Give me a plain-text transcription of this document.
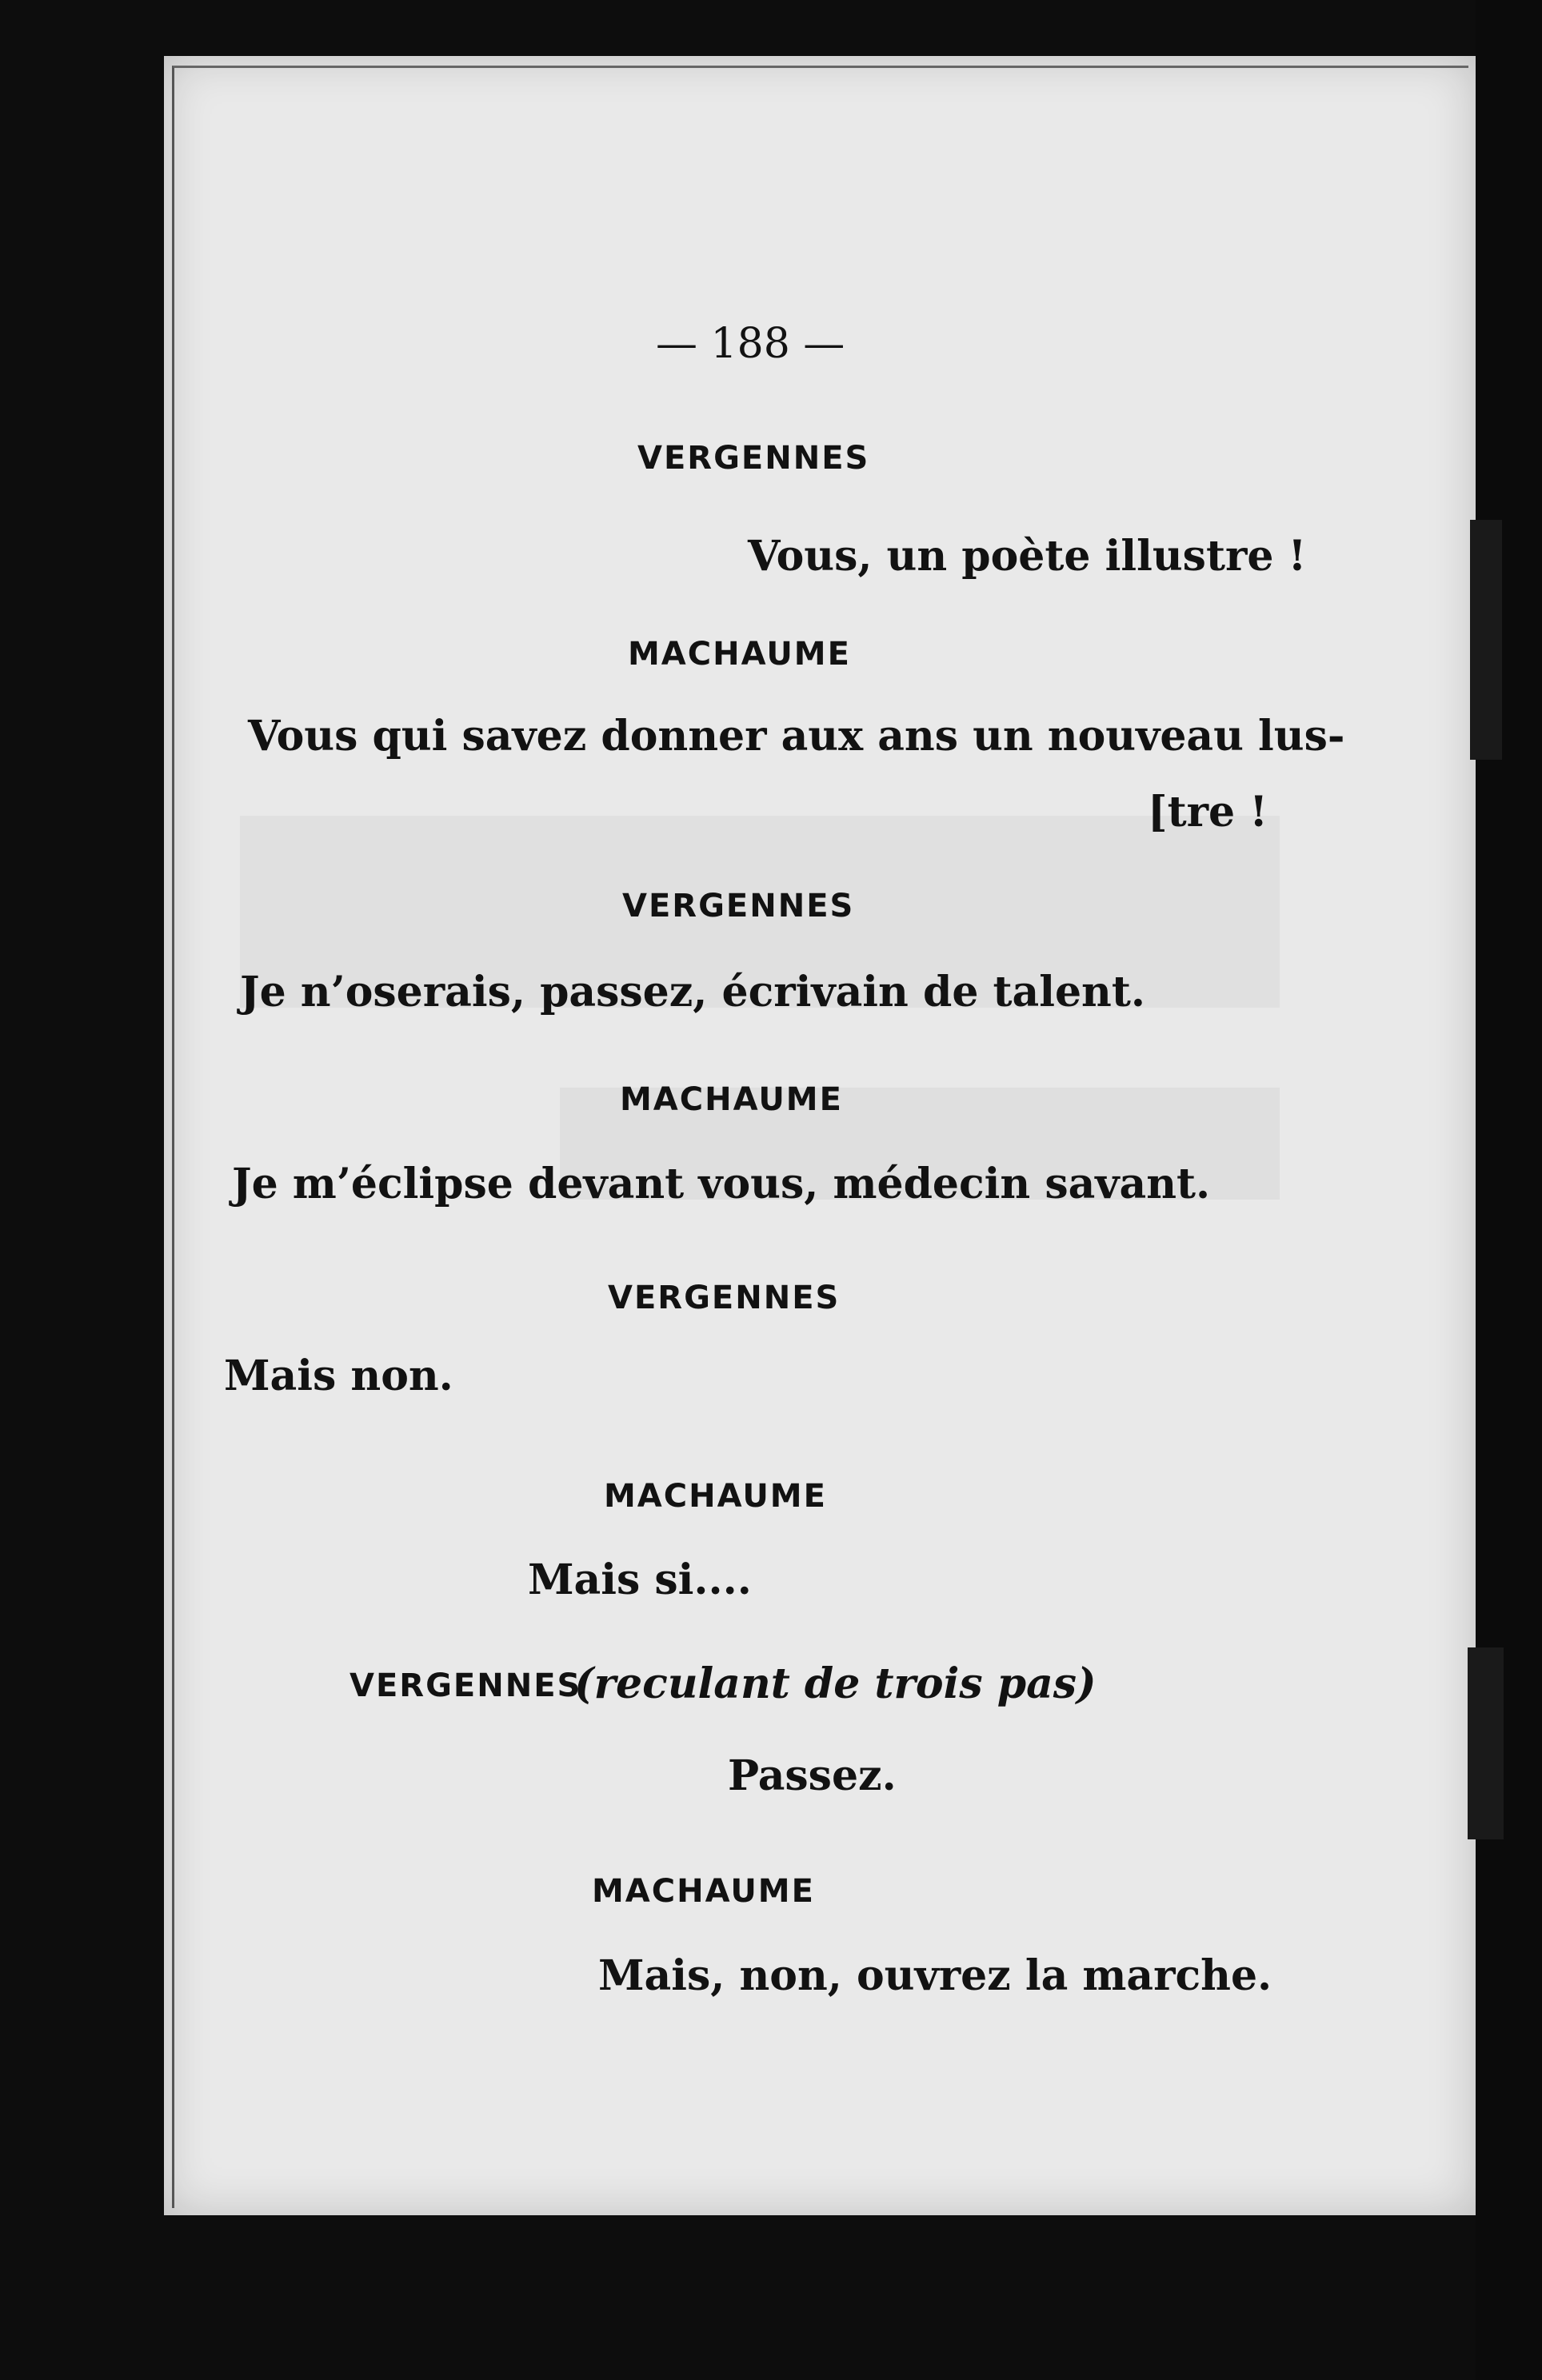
— 188 —
VERGENNES
Vous, un poète illustre !
MACHAUME
Vous qui savez donner aux ans un nouveau lus-
[tre !
VERGENNES
Je n’oserais, passez, écrivain de talent.
MACHAUME
Je m’éclipse devant vous, médecin savant.
VERGENNES
Mais non.
MACHAUME
Mais si....
VERGENNES
(reculant de trois pas)
Passez.
MACHAUME
Mais, non, ouvrez la marche.
